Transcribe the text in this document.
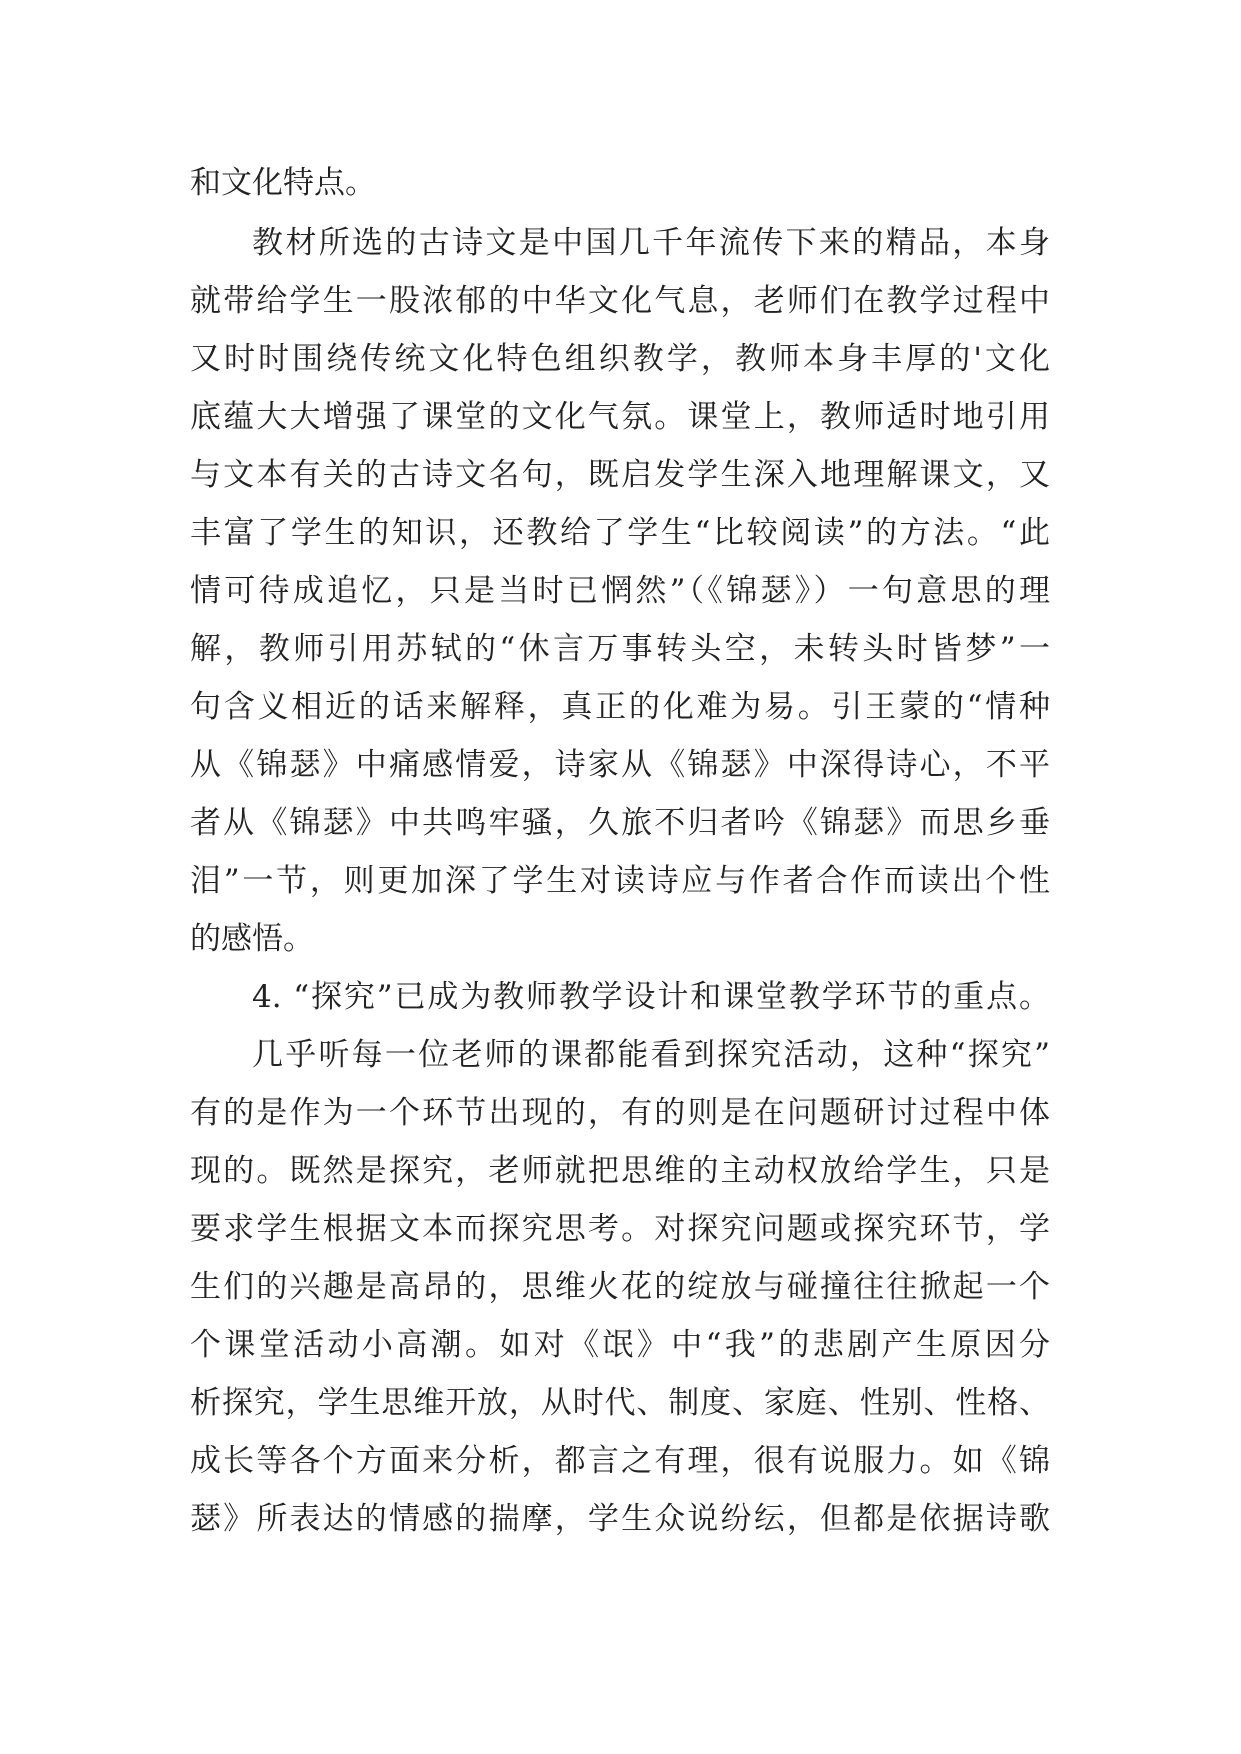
和文化特点。
教材所选的古诗文是中国几千年流传下来的精品，本身
就带给学生一股浓郁的中华文化气息，老师们在教学过程中
又时时围绕传统文化特色组织教学，教师本身丰厚的'文化
底蕴大大增强了课堂的文化气氛。课堂上，教师适时地引用
与文本有关的古诗文名句，既启发学生深入地理解课文，又
丰富了学生的知识，还教给了学生“比较阅读”的方法。“此
情可待成追忆，只是当时已惘然”（《锦瑟》）一句意思的理
解，教师引用苏轼的“休言万事转头空，未转头时皆梦”一
句含义相近的话来解释，真正的化难为易。引王蒙的“情种
从《锦瑟》中痛感情爱，诗家从《锦瑟》中深得诗心，不平
者从《锦瑟》中共鸣牢骚，久旅不归者吟《锦瑟》而思乡垂
泪”一节，则更加深了学生对读诗应与作者合作而读出个性
的感悟。
4. “探究”已成为教师教学设计和课堂教学环节的重点。
几乎听每一位老师的课都能看到探究活动，这种“探究”
有的是作为一个环节出现的，有的则是在问题研讨过程中体
现的。既然是探究，老师就把思维的主动权放给学生，只是
要求学生根据文本而探究思考。对探究问题或探究环节，学
生们的兴趣是高昂的，思维火花的绽放与碰撞往往掀起一个
个课堂活动小高潮。如对《氓》中“我”的悲剧产生原因分
析探究，学生思维开放，从时代、制度、家庭、性别、性格、
成长等各个方面来分析，都言之有理，很有说服力。如《锦
瑟》所表达的情感的揣摩，学生众说纷纭，但都是依据诗歌
